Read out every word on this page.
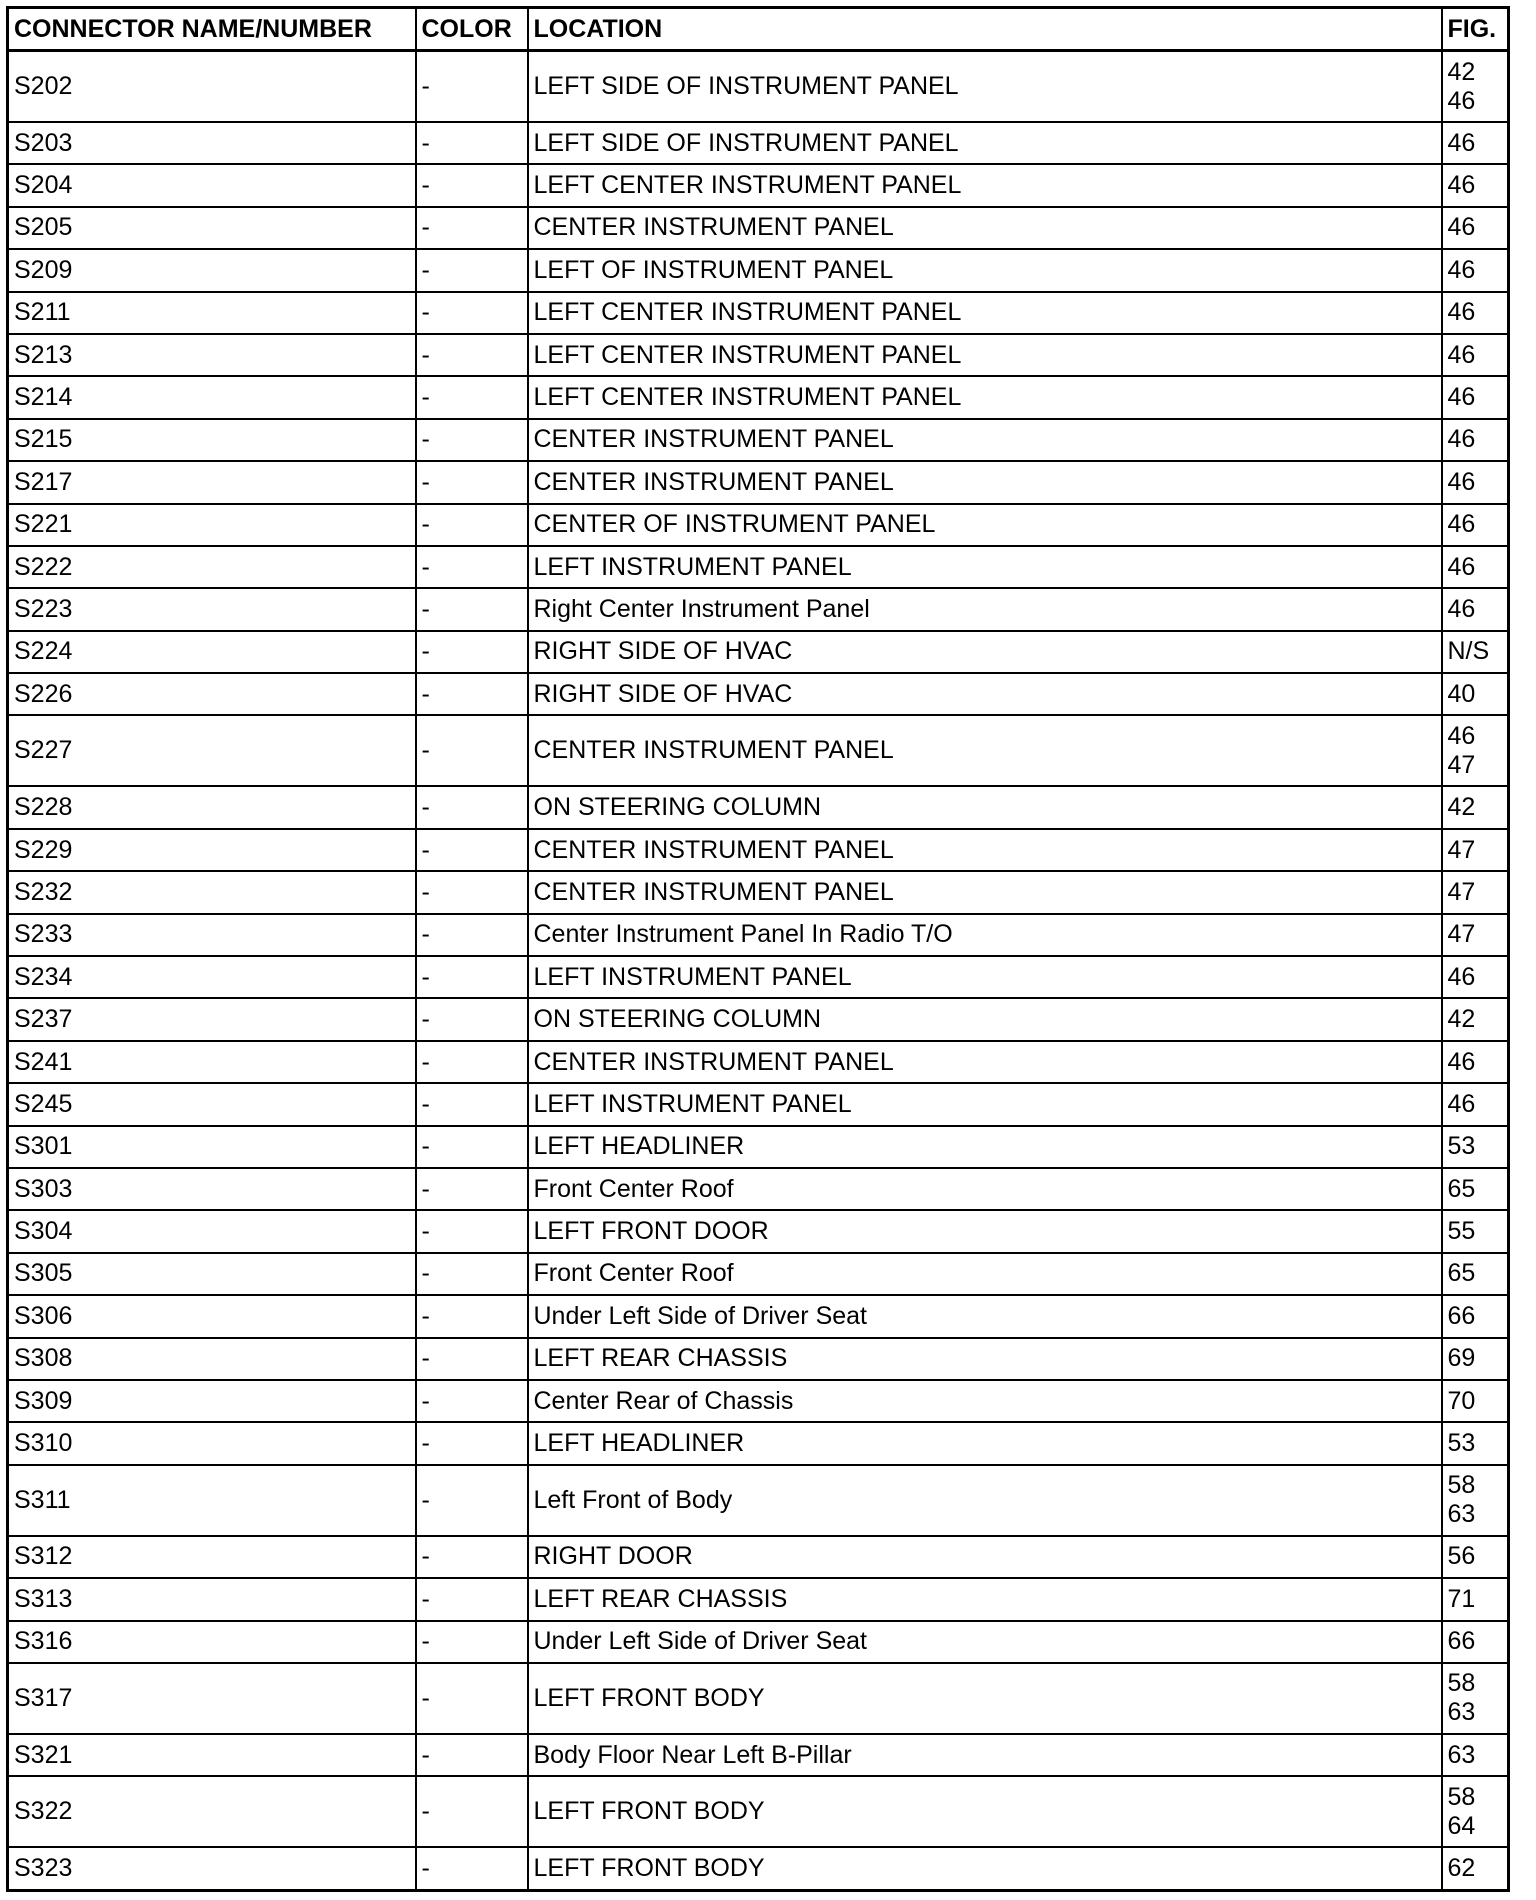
CONNECTOR NAME/NUMBER	COLOR	LOCATION	FIG.
S202	-	LEFT SIDE OF INSTRUMENT PANEL	42
46

S203	-	LEFT SIDE OF INSTRUMENT PANEL	46

S204	-	LEFT CENTER INSTRUMENT PANEL	46

S205	-	CENTER INSTRUMENT PANEL	46

S209	-	LEFT OF INSTRUMENT PANEL	46

S211	-	LEFT CENTER INSTRUMENT PANEL	46

S213	-	LEFT CENTER INSTRUMENT PANEL	46

S214	-	LEFT CENTER INSTRUMENT PANEL	46

S215	-	CENTER INSTRUMENT PANEL	46

S217	-	CENTER INSTRUMENT PANEL	46

S221	-	CENTER OF INSTRUMENT PANEL	46

S222	-	LEFT INSTRUMENT PANEL	46

S223	-	Right Center Instrument Panel	46

S224	-	RIGHT SIDE OF HVAC	N/S

S226	-	RIGHT SIDE OF HVAC	40

S227	-	CENTER INSTRUMENT PANEL	46
47

S228	-	ON STEERING COLUMN	42

S229	-	CENTER INSTRUMENT PANEL	47

S232	-	CENTER INSTRUMENT PANEL	47

S233	-	Center Instrument Panel In Radio T/O	47

S234	-	LEFT INSTRUMENT PANEL	46

S237	-	ON STEERING COLUMN	42

S241	-	CENTER INSTRUMENT PANEL	46

S245	-	LEFT INSTRUMENT PANEL	46

S301	-	LEFT HEADLINER	53

S303	-	Front Center Roof	65

S304	-	LEFT FRONT DOOR	55

S305	-	Front Center Roof	65

S306	-	Under Left Side of Driver Seat	66

S308	-	LEFT REAR CHASSIS	69

S309	-	Center Rear of Chassis	70

S310	-	LEFT HEADLINER	53

S311	-	Left Front of Body	58
63

S312	-	RIGHT DOOR	56

S313	-	LEFT REAR CHASSIS	71

S316	-	Under Left Side of Driver Seat	66

S317	-	LEFT FRONT BODY	58
63

S321	-	Body Floor Near Left B-Pillar	63

S322	-	LEFT FRONT BODY	58
64

S323	-	LEFT FRONT BODY	62
